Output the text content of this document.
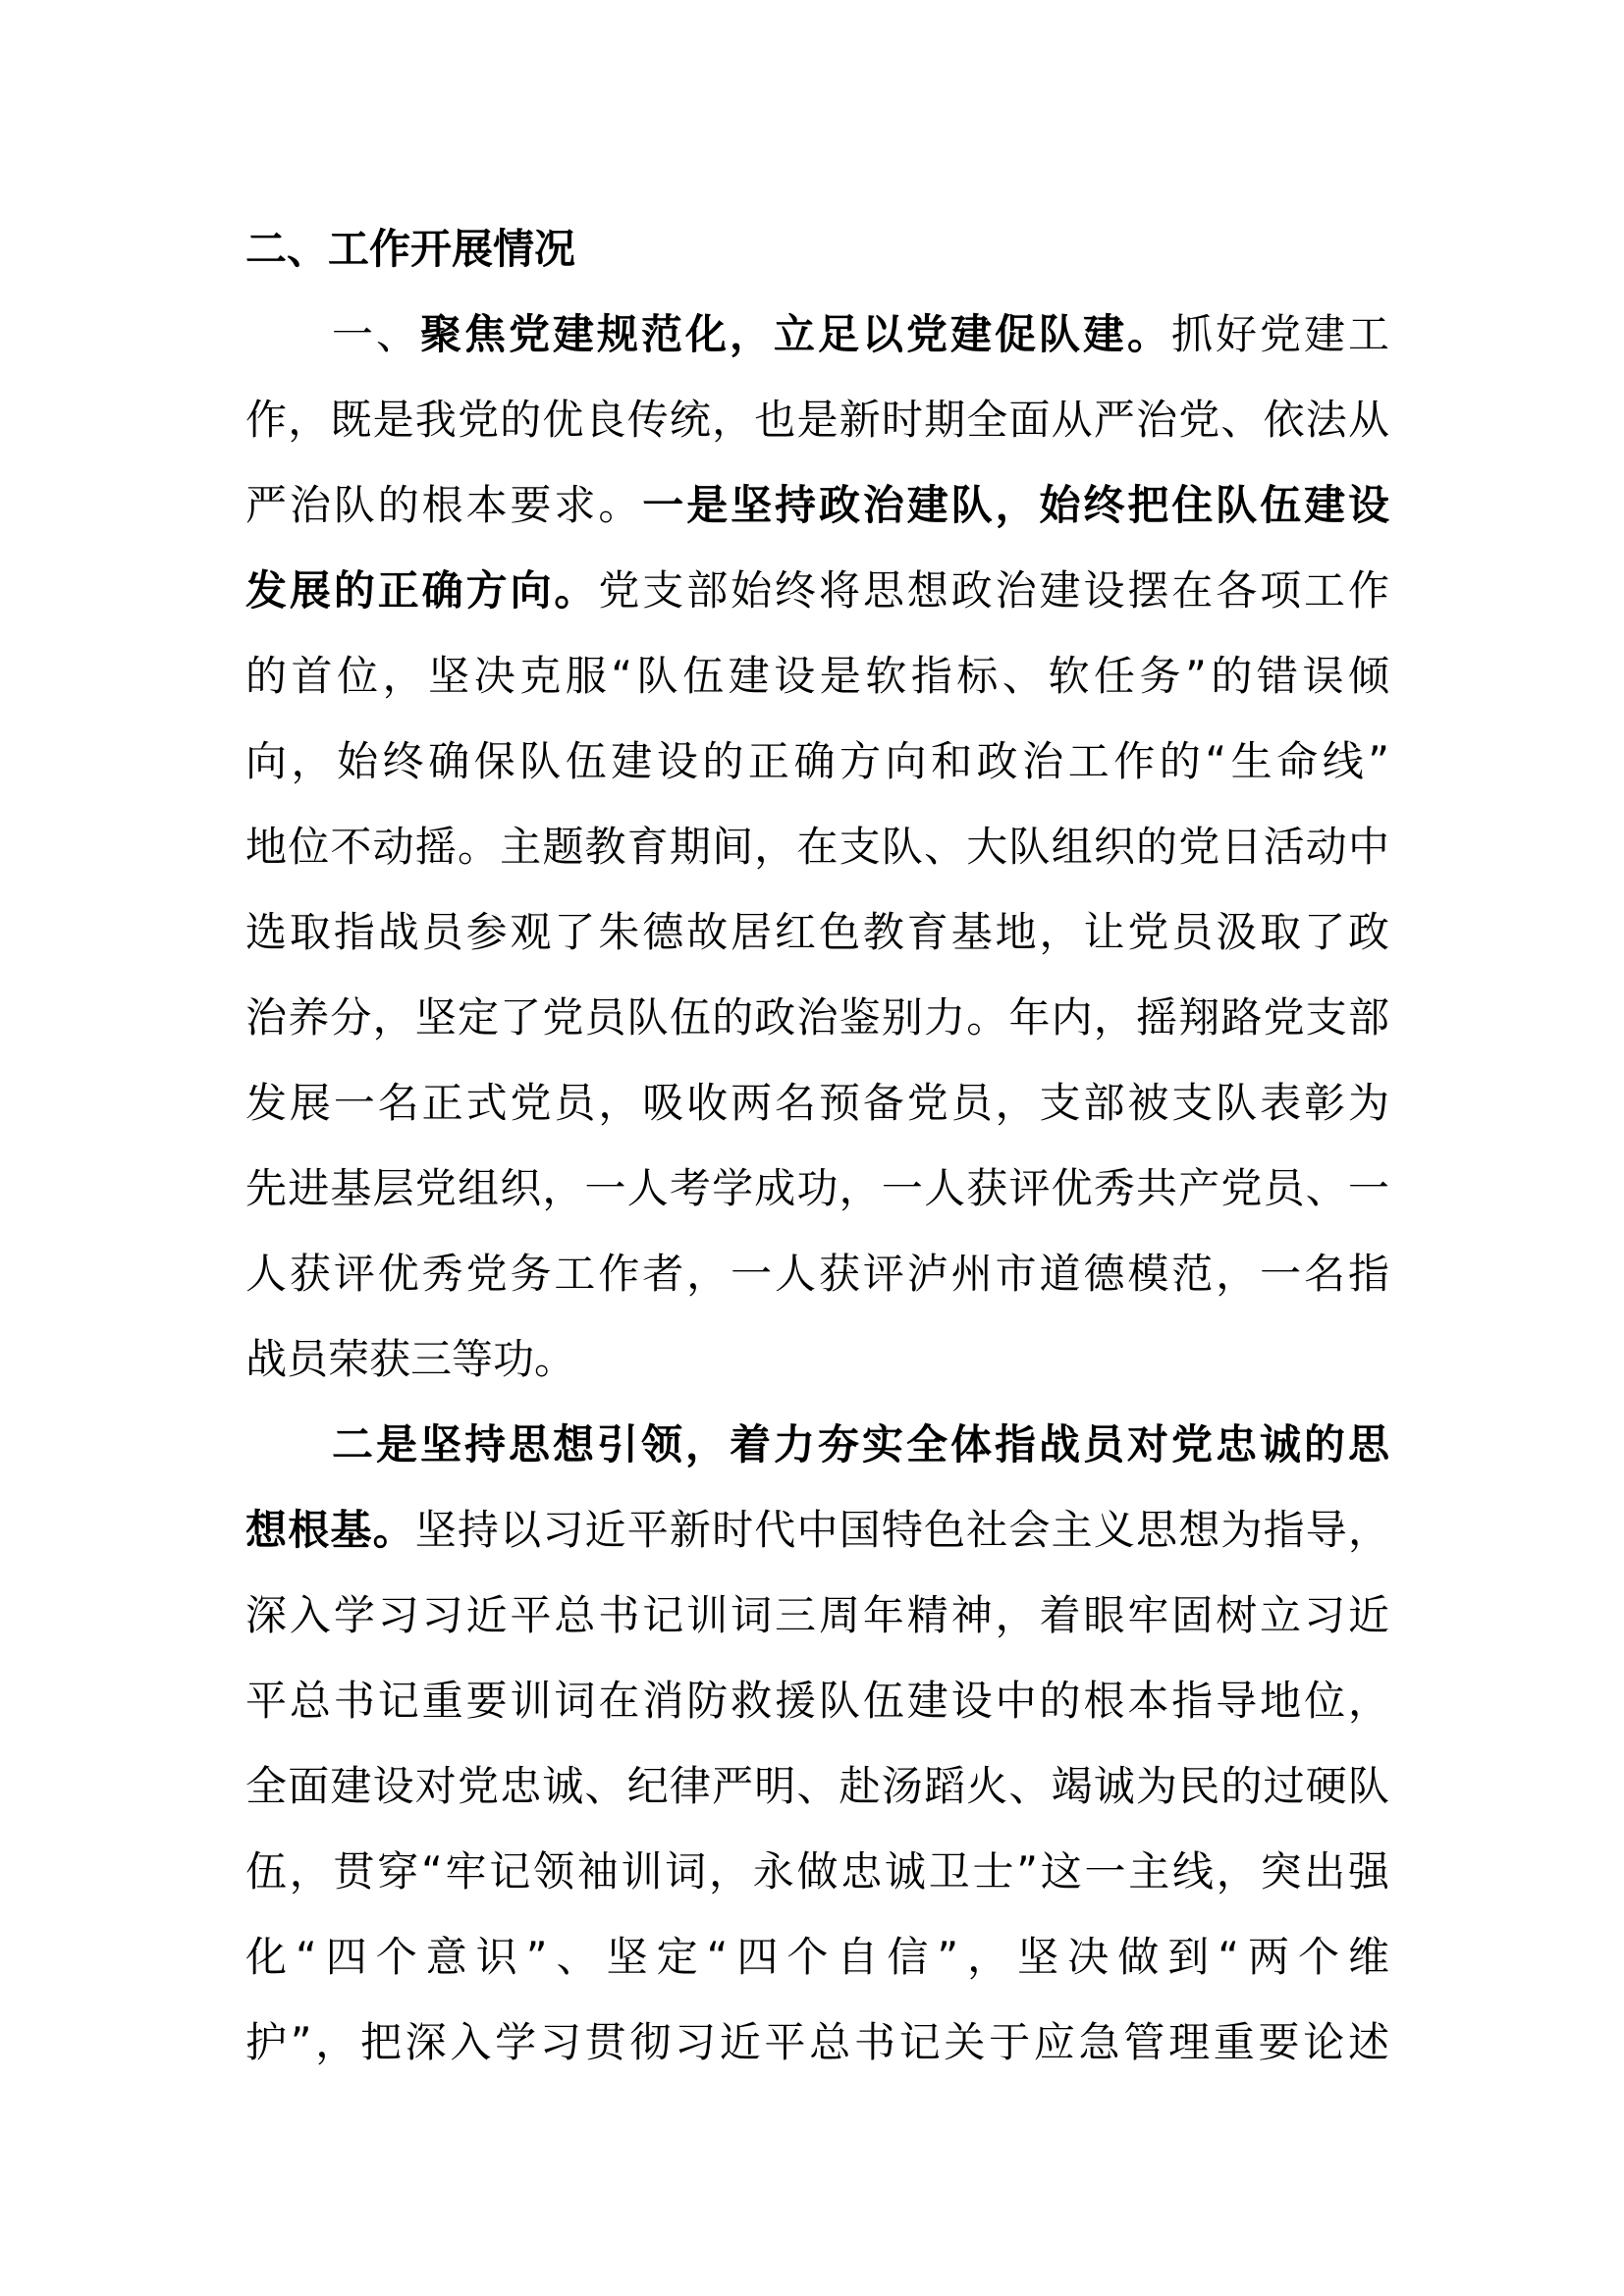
二、工作开展情况
一、聚焦党建规范化，立足以党建促队建。抓好党建工
作，既是我党的优良传统，也是新时期全面从严治党、依法从
严治队的根本要求。一是坚持政治建队，始终把住队伍建设
发展的正确方向。党支部始终将思想政治建设摆在各项工作
的首位，坚决克服“队伍建设是软指标、软任务”的错误倾
向，始终确保队伍建设的正确方向和政治工作的“生命线”
地位不动摇。主题教育期间，在支队、大队组织的党日活动中
选取指战员参观了朱德故居红色教育基地，让党员汲取了政
治养分，坚定了党员队伍的政治鉴别力。年内，摇翔路党支部
发展一名正式党员，吸收两名预备党员，支部被支队表彰为
先进基层党组织，一人考学成功，一人获评优秀共产党员、一
人获评优秀党务工作者，一人获评泸州市道德模范，一名指
战员荣获三等功。
二是坚持思想引领，着力夯实全体指战员对党忠诚的思
想根基。坚持以习近平新时代中国特色社会主义思想为指导，
深入学习习近平总书记训词三周年精神，着眼牢固树立习近
平总书记重要训词在消防救援队伍建设中的根本指导地位，
全面建设对党忠诚、纪律严明、赴汤蹈火、竭诚为民的过硬队
伍，贯穿“牢记领袖训词，永做忠诚卫士”这一主线，突出强
化“四个意识”、坚定“四个自信”，坚决做到“两个维
护”，把深入学习贯彻习近平总书记关于应急管理重要论述
